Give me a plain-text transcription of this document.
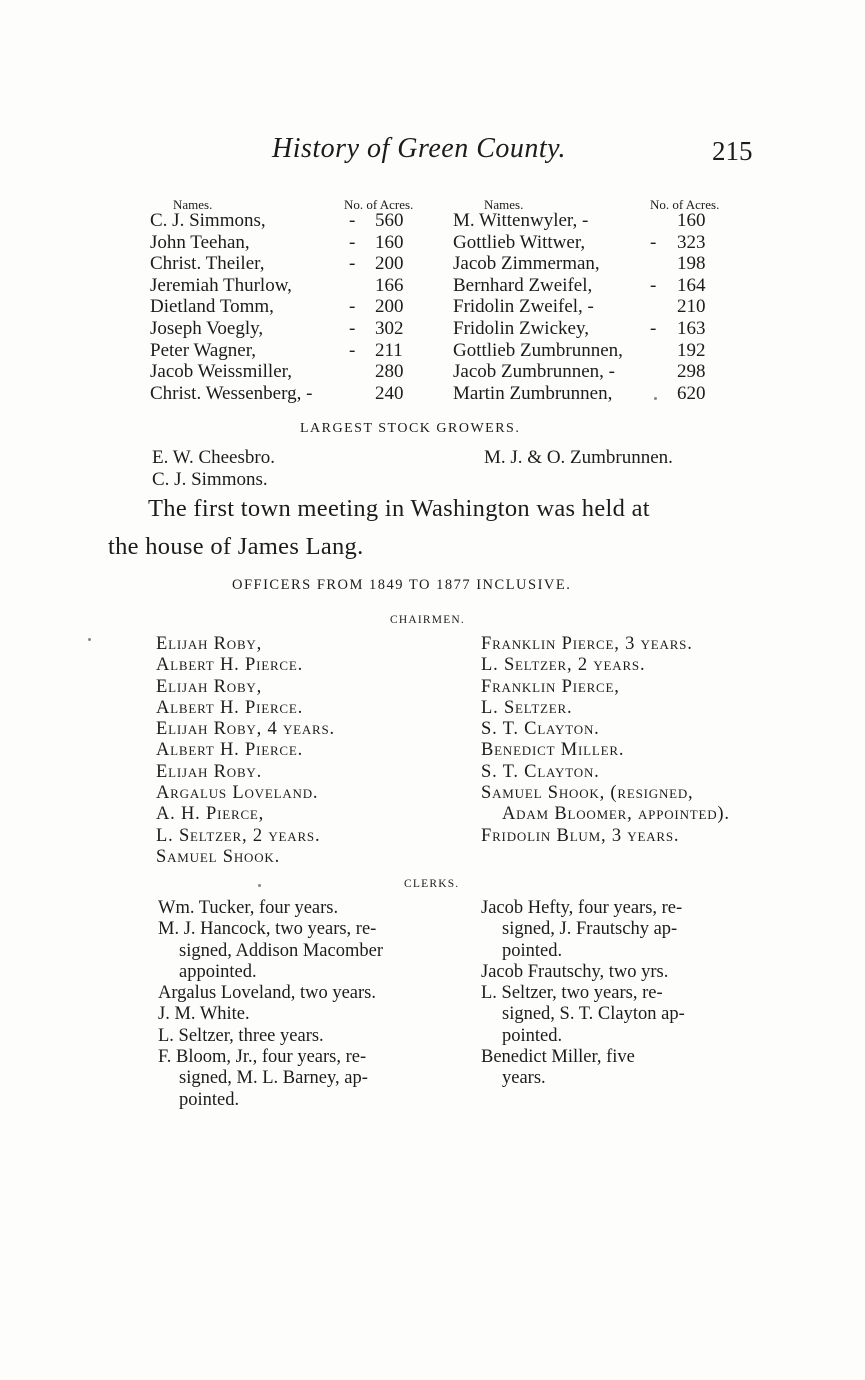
History of Green County.	215
Names.	No. of Acres.	Names.	No. of Acres.
C. J. Simmons,	- 560	M. Wittenwyler, -	160
John Teehan,	- 160	Gottlieb Wittwer,	- 323
Christ. Theiler,	- 200	Jacob Zimmerman,	198
Jeremiah Thurlow,	166	Bernhard Zweifel,	- 164
Dietland Tomm,	- 200	Fridolin Zweifel, -	210
Joseph Voegly,	- 302	Fridolin Zwickey,	- 163
Peter Wagner,	- 211	Gottlieb Zumbrunnen,	192
Jacob Weissmiller,	280	Jacob Zumbrunnen, -	298
Christ. Wessenberg, -	240	Martin Zumbrunnen,	620
LARGEST STOCK GROWERS.
E. W. Cheesbro.
C. J. Simmons.
M. J. & O. Zumbrunnen.
The first town meeting in Washington was held at
the house of James Lang.
OFFICERS FROM 1849 TO 1877 INCLUSIVE.
CHAIRMEN.
Elijah Roby,
Albert H. Pierce.
Elijah Roby,
Albert H. Pierce.
Elijah Roby, 4 years.
Albert H. Pierce.
Elijah Roby.
Argalus Loveland.
A. H. Pierce,
L. Seltzer, 2 years.
Samuel Shook.
Franklin Pierce, 3 years.
L. Seltzer, 2 years.
Franklin Pierce,
L. Seltzer.
S. T. Clayton.
Benedict Miller.
S. T. Clayton.
Samuel Shook, (resigned,
Adam Bloomer, appointed).
Fridolin Blum, 3 years.
CLERKS.
Wm. Tucker, four years.
M. J. Hancock, two years, re-
signed, Addison Macomber
appointed.
Argalus Loveland, two years.
J. M. White.
L. Seltzer, three years.
F. Bloom, Jr., four years, re-
signed, M. L. Barney, ap-
pointed.
Jacob Hefty, four years, re-
signed, J. Frautschy ap-
pointed.
Jacob Frautschy, two yrs.
L. Seltzer, two years, re-
signed, S. T. Clayton ap-
pointed.
Benedict Miller, five
years.
